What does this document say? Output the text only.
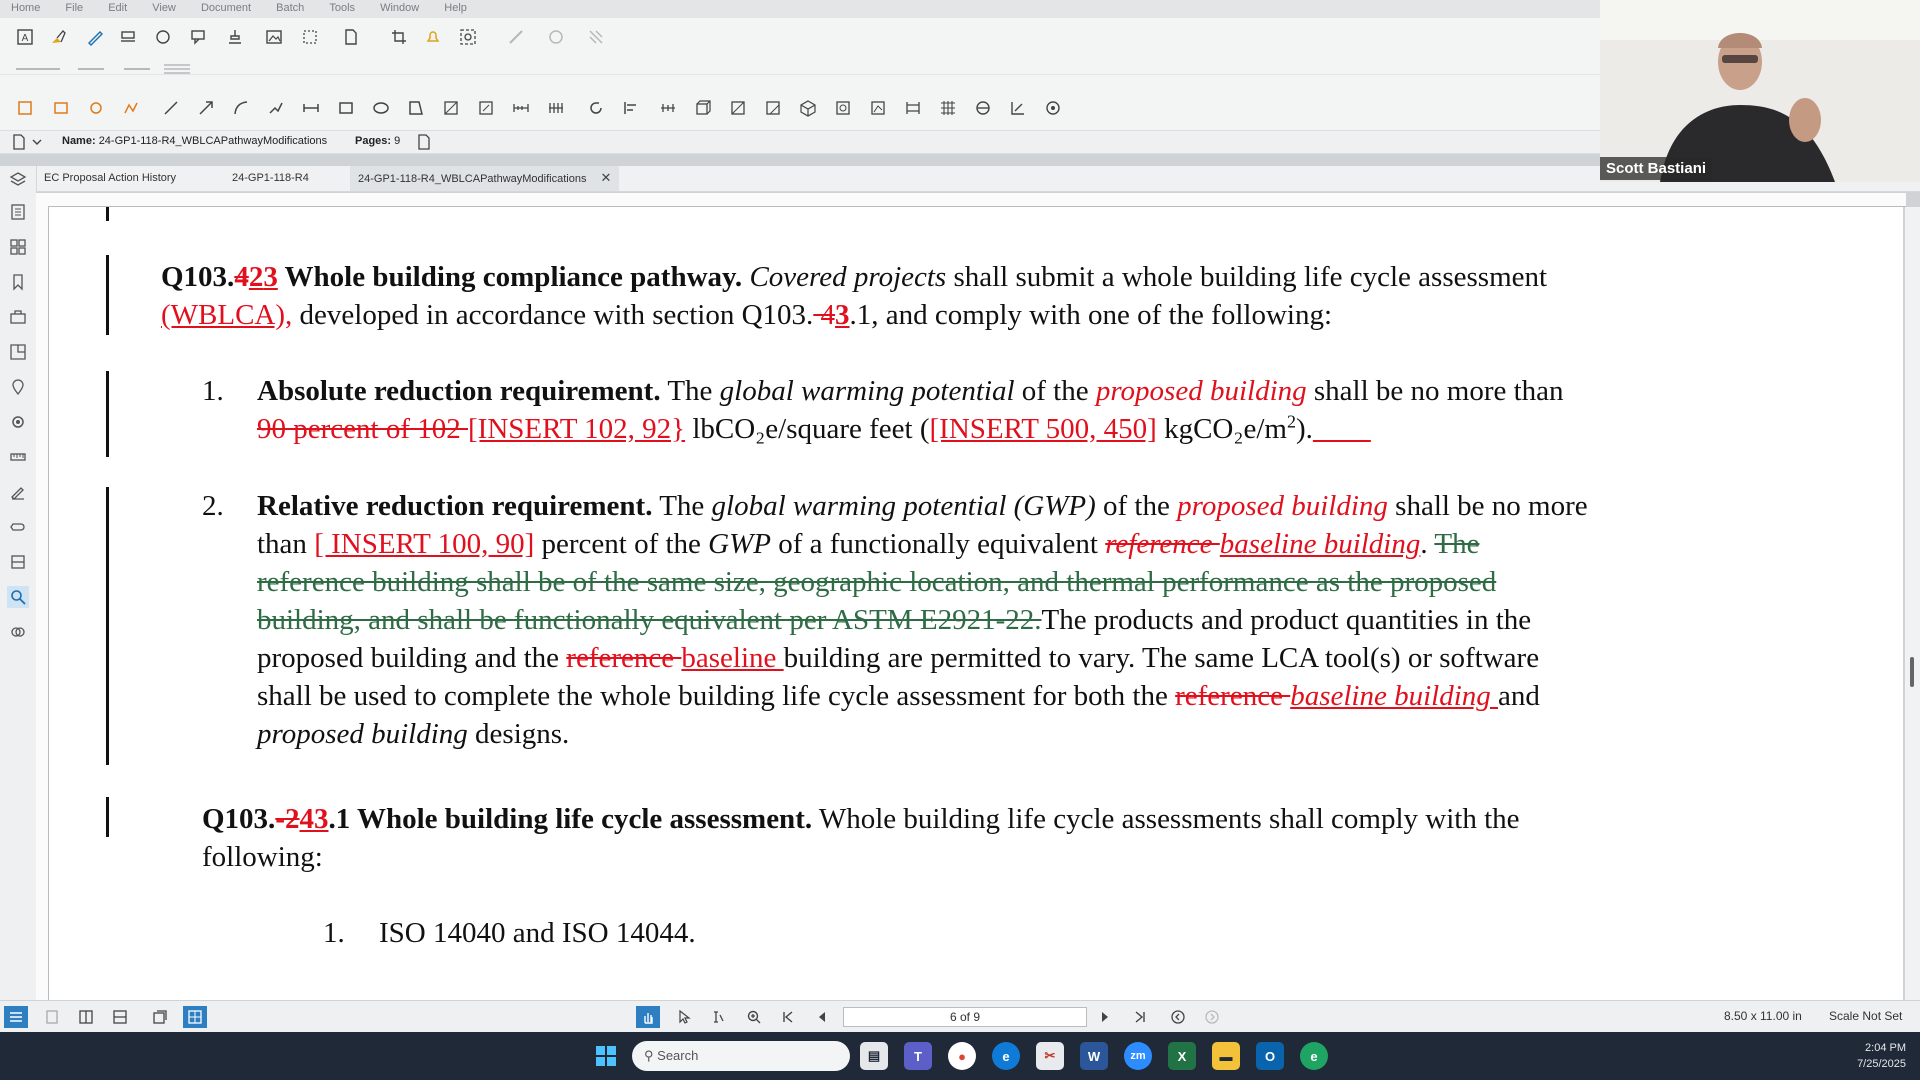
Home File Edit View Document Batch Tools Window Help
A
Name: 24-GP1-118-R4_WBLCAPathwayModifications	Pages: 9
EC Proposal Action History	24-GP1-118-R4	24-GP1-118-R4_WBLCAPathwayModifications ✕
Q103.423 Whole building compliance pathway. Covered projects shall submit a whole building life cycle assessment
(WBLCA), developed in accordance with section Q103. 43.1, and comply with one of the following:
1. Absolute reduction requirement. The global warming potential of the proposed building shall be no more than
90 percent of 102 [INSERT 102, 92} lbCO₂e/square feet ([INSERT 500, 450] kgCO₂e/$m^2$).
2. Relative reduction requirement. The global warming potential (GWP) of the proposed building shall be no more
than [ INSERT 100, 90] percent of the GWP of a functionally equivalent reference baseline building. The
reference building shall be of the same size, geographic location, and thermal performance as the proposed
building, and shall be functionally equivalent per ASTM E2921-22.The products and product quantities in the
proposed building and the reference baseline building are permitted to vary. The same LCA tool(s) or software
shall be used to complete the whole building life cycle assessment for both the reference baseline building and
proposed building designs.
Q103.-243.1 Whole building life cycle assessment. Whole building life cycle assessments shall comply with the
following:
1. ISO 14040 and ISO 14044.
6 of 9	8.50 x 11.00 in Scale Not Set
⚲ Search	▤	T	●	e	✂	W	zm	X	▬	O	e
2:04 PM
7/25/2025
Scott Bastiani
